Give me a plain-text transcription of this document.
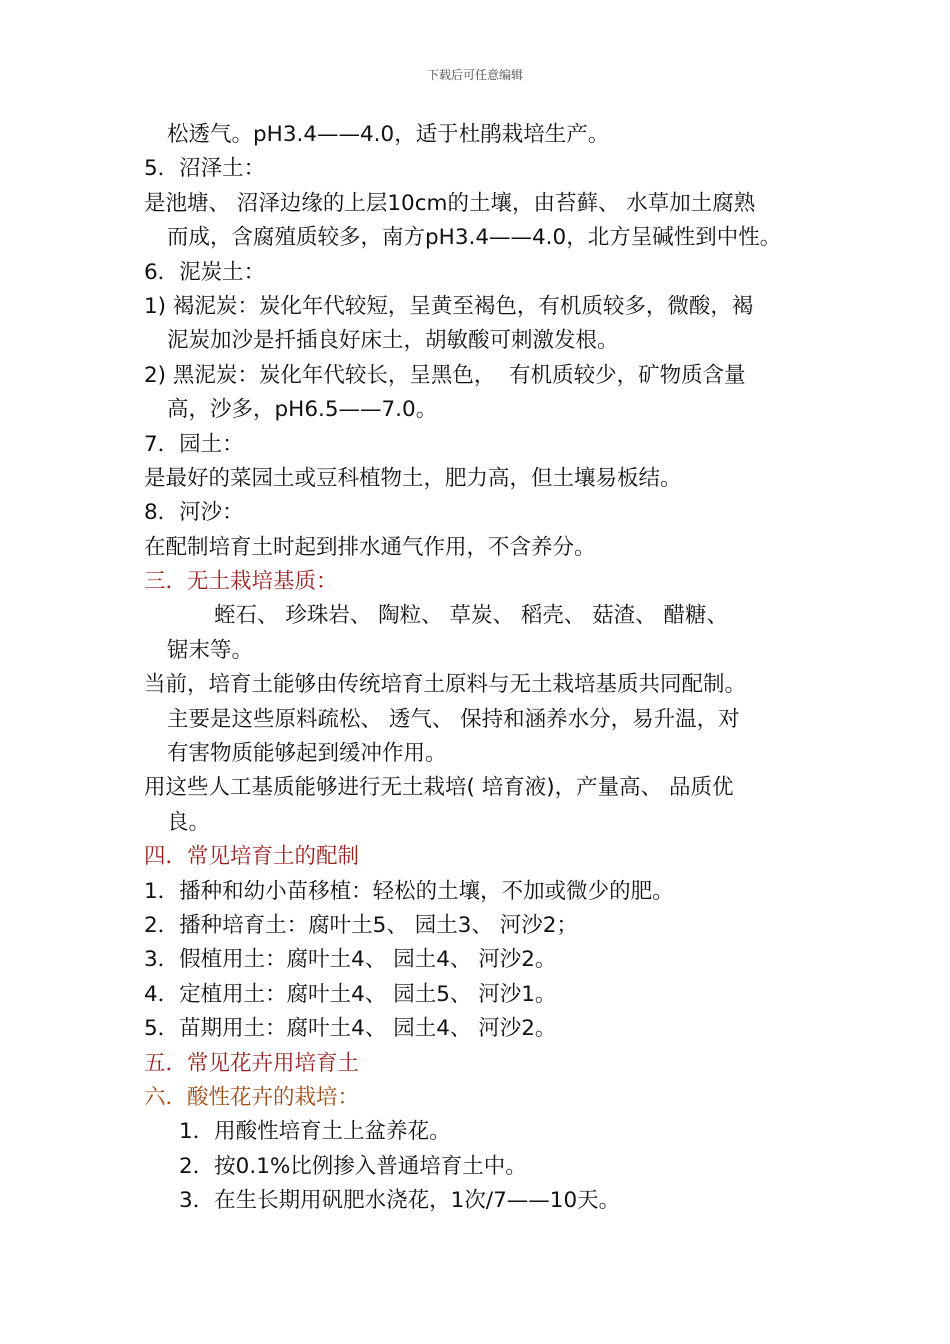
下载后可任意编辑
松透气。pH3.4——4.0，适于杜鹃栽培生产。
5．沼泽土：
是池塘、 沼泽边缘的上层10cm的土壤，由苔藓、 水草加土腐熟
而成，含腐殖质较多，南方pH3.4——4.0，北方呈碱性到中性。
6．泥炭土：
1) 褐泥炭：炭化年代较短，呈黄至褐色，有机质较多，微酸，褐
泥炭加沙是扦插良好床土，胡敏酸可刺激发根。
2) 黑泥炭：炭化年代较长，呈黑色，  有机质较少，矿物质含量
高，沙多，pH6.5——7.0。
7．园土：
是最好的菜园土或豆科植物土，肥力高，但土壤易板结。
8．河沙：
在配制培育土时起到排水通气作用，不含养分。
三．无土栽培基质：
蛭石、 珍珠岩、 陶粒、 草炭、 稻壳、 菇渣、 醋糖、
锯末等。
当前，培育土能够由传统培育土原料与无土栽培基质共同配制。
主要是这些原料疏松、 透气、 保持和涵养水分，易升温，对
有害物质能够起到缓冲作用。
用这些人工基质能够进行无土栽培( 培育液)，产量高、 品质优
良。
四．常见培育土的配制
1．播种和幼小苗移植：轻松的土壤，不加或微少的肥。
2．播种培育土：腐叶土5、 园土3、 河沙2；
3．假植用土：腐叶土4、 园土4、 河沙2。
4．定植用土：腐叶土4、 园土5、 河沙1。
5．苗期用土：腐叶土4、 园土4、 河沙2。
五．常见花卉用培育土
六．酸性花卉的栽培：
1．用酸性培育土上盆养花。
2．按0.1%比例掺入普通培育土中。
3．在生长期用矾肥水浇花，1次/7——10天。
